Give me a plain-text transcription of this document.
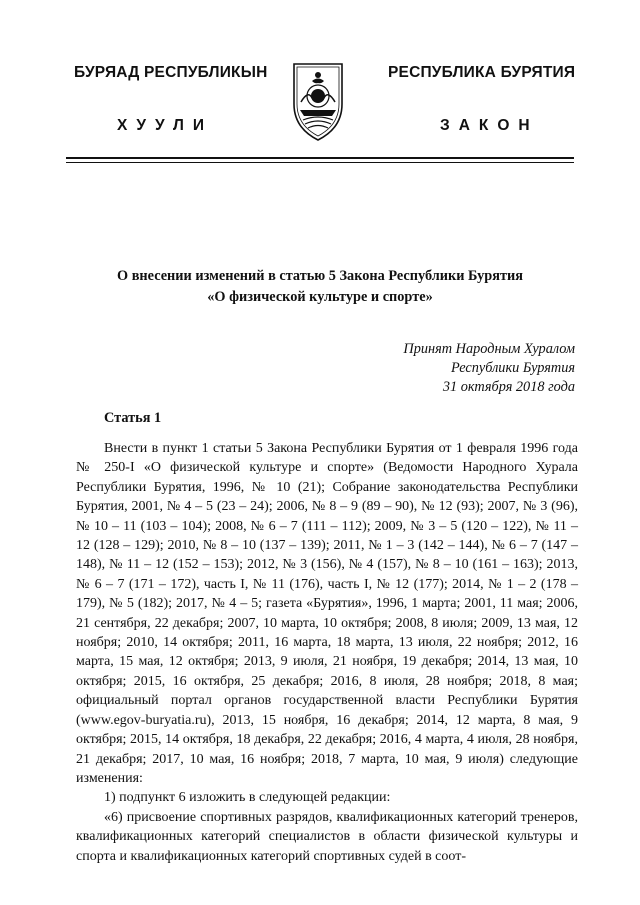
БУРЯАД РЕСПУБЛИКЫН
ХУУЛИ
РЕСПУБЛИКА БУРЯТИЯ
ЗАКОН
О внесении изменений в статью 5 Закона Республики Бурятия
«О физической культуре и спорте»
Принят Народным Хуралом
Республики Бурятия
31 октября 2018 года
Статья 1

Внести в пункт 1 статьи 5 Закона Республики Бурятия от 1 февраля 1996 года № 250-I «О физической культуре и спорте» (Ведомости Народного Хурала Республики Бурятия, 1996, № 10 (21); Собрание законодательства Республики Бурятия, 2001, № 4 – 5 (23 – 24); 2006, № 8 – 9 (89 – 90), № 12 (93); 2007, № 3 (96), № 10 – 11 (103 – 104); 2008, № 6 – 7 (111 – 112); 2009, № 3 – 5 (120 – 122), № 11 – 12 (128 – 129); 2010, № 8 – 10 (137 – 139); 2011, № 1 – 3 (142 – 144), № 6 – 7 (147 – 148), № 11 – 12 (152 – 153); 2012, № 3 (156), № 4 (157), № 8 – 10 (161 – 163); 2013, № 6 – 7 (171 – 172), часть I, № 11 (176), часть I, № 12 (177); 2014, № 1 – 2 (178 – 179), № 5 (182); 2017, № 4 – 5; газета «Бурятия», 1996, 1 марта; 2001, 11 мая; 2006, 21 сентября, 22 декабря; 2007, 10 марта, 10 октября; 2008, 8 июля; 2009, 13 мая, 12 ноября; 2010, 14 октября; 2011, 16 марта, 18 марта, 13 июля, 22 ноября; 2012, 16 марта, 15 мая, 12 октября; 2013, 9 июля, 21 ноября, 19 декабря; 2014, 13 мая, 10 октября; 2015, 16 октября, 25 декабря; 2016, 8 июля, 28 ноября; 2018, 8 мая; официальный портал органов государственной власти Республики Бурятия (www.egov-buryatia.ru), 2013, 15 ноября, 16 декабря; 2014, 12 марта, 8 мая, 9 октября; 2015, 14 октября, 18 декабря, 22 декабря; 2016, 4 марта, 4 июля, 28 ноября, 21 декабря; 2017, 10 мая, 16 ноября; 2018, 7 марта, 10 мая, 9 июля) следующие изменения:

1) подпункт 6 изложить в следующей редакции:

«6) присвоение спортивных разрядов, квалификационных категорий тренеров, квалификационных категорий специалистов в области физической культуры и спорта и квалификационных категорий спортивных судей в соот-
